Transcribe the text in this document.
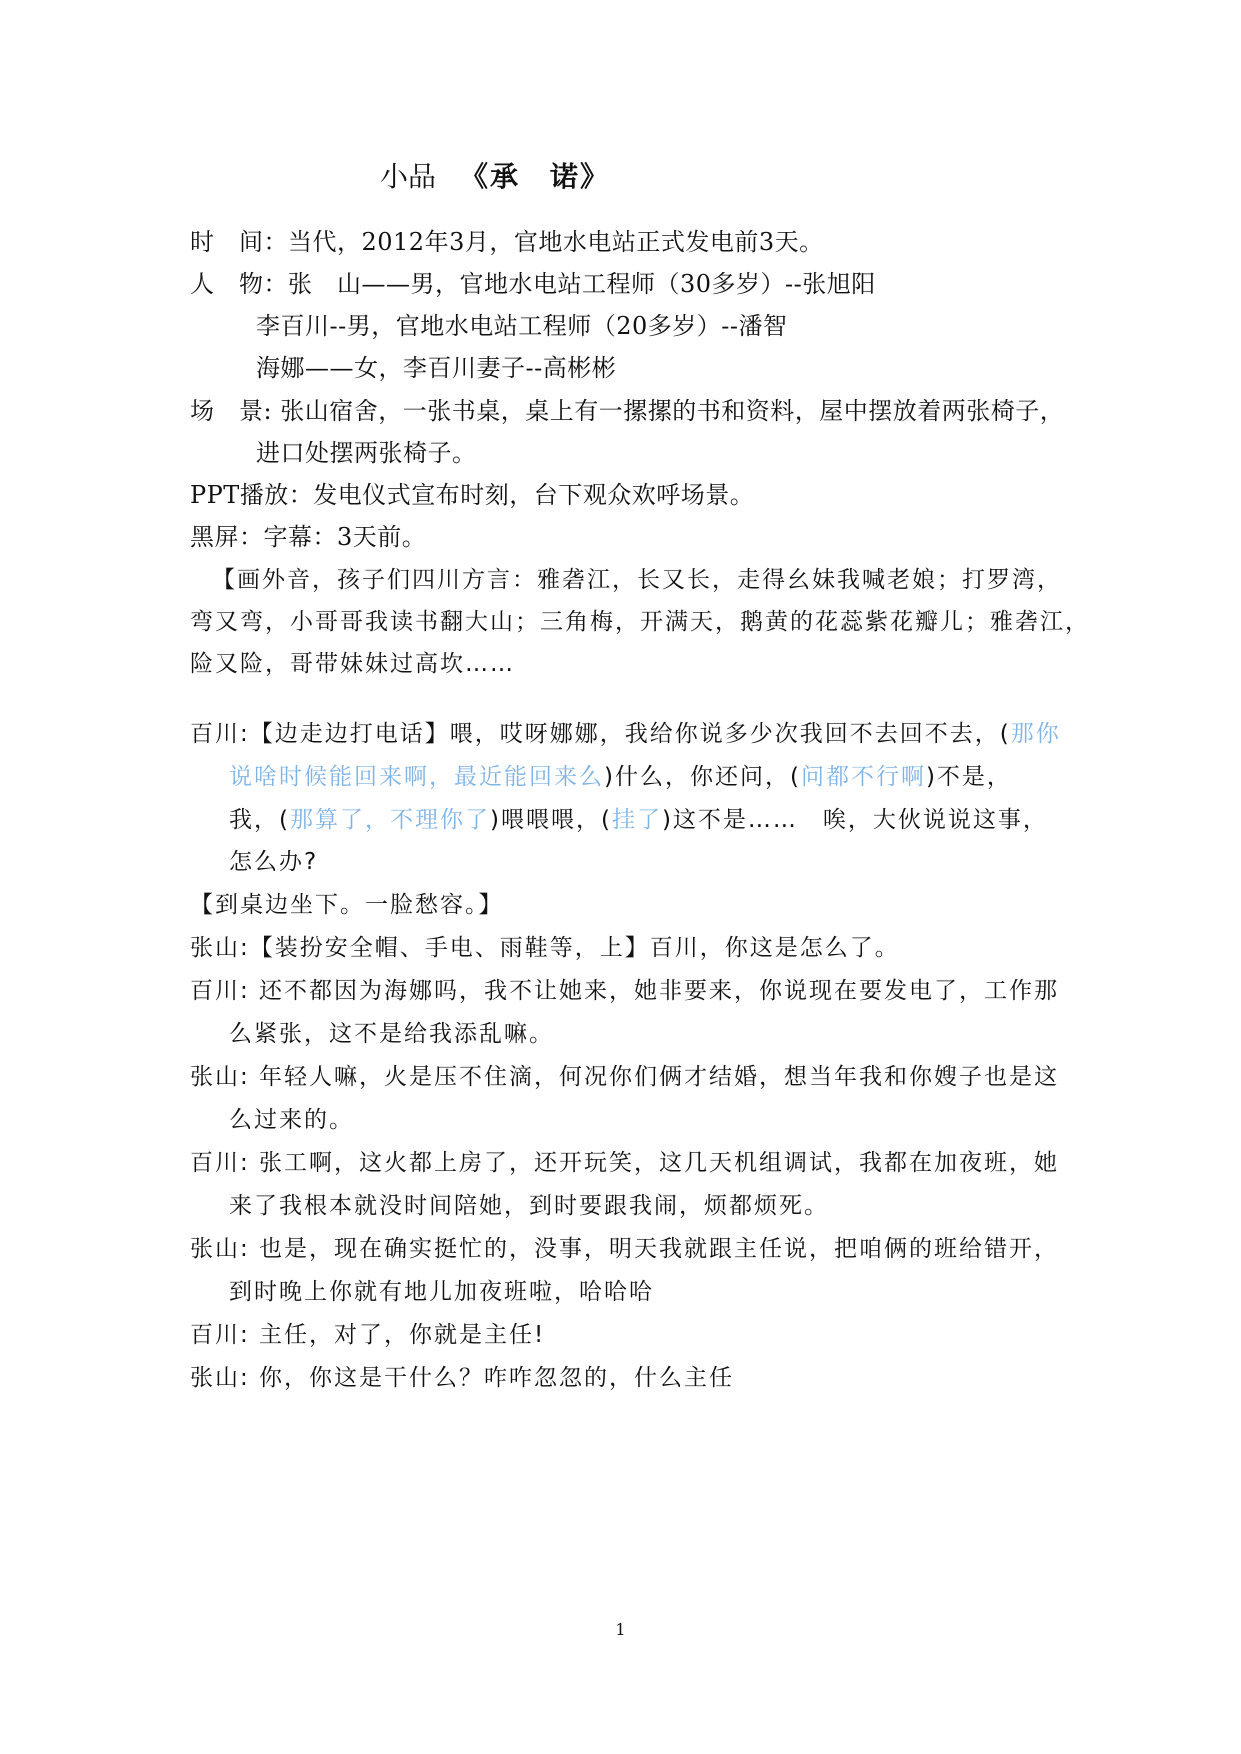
小品 《承　诺》
时　间：当代，2012年3月，官地水电站正式发电前3天。
人　物：张　山——男，官地水电站工程师（30多岁）--张旭阳
李百川--男，官地水电站工程师（20多岁）--潘智
海娜——女，李百川妻子--高彬彬
场　景: 张山宿舍，一张书桌，桌上有一摞摞的书和资料，屋中摆放着两张椅子，
进口处摆两张椅子。
PPT播放：发电仪式宣布时刻，台下观众欢呼场景。
黑屏：字幕：3天前。
【画外音，孩子们四川方言：雅砻江，长又长，走得幺妹我喊老娘；打罗湾，
弯又弯，小哥哥我读书翻大山；三角梅，开满天，鹅黄的花蕊紫花瓣儿；雅砻江，
险又险，哥带妹妹过高坎……
百川:【边走边打电话】喂，哎呀娜娜，我给你说多少次我回不去回不去，(那你
说啥时候能回来啊，最近能回来么)什么，你还问，(问都不行啊)不是，
我，(那算了，不理你了)喂喂喂，(挂了)这不是……　唉，大伙说说这事，
怎么办?
【到桌边坐下。一脸愁容。】
张山:【装扮安全帽、手电、雨鞋等，上】百川，你这是怎么了。
百川: 还不都因为海娜吗，我不让她来，她非要来，你说现在要发电了，工作那
么紧张，这不是给我添乱嘛。
张山: 年轻人嘛，火是压不住滴，何况你们俩才结婚，想当年我和你嫂子也是这
么过来的。
百川: 张工啊，这火都上房了，还开玩笑，这几天机组调试，我都在加夜班，她
来了我根本就没时间陪她，到时要跟我闹，烦都烦死。
张山: 也是，现在确实挺忙的，没事，明天我就跟主任说，把咱俩的班给错开，
到时晚上你就有地儿加夜班啦，哈哈哈
百川: 主任，对了，你就是主任!
张山: 你，你这是干什么？咋咋忽忽的，什么主任
1
